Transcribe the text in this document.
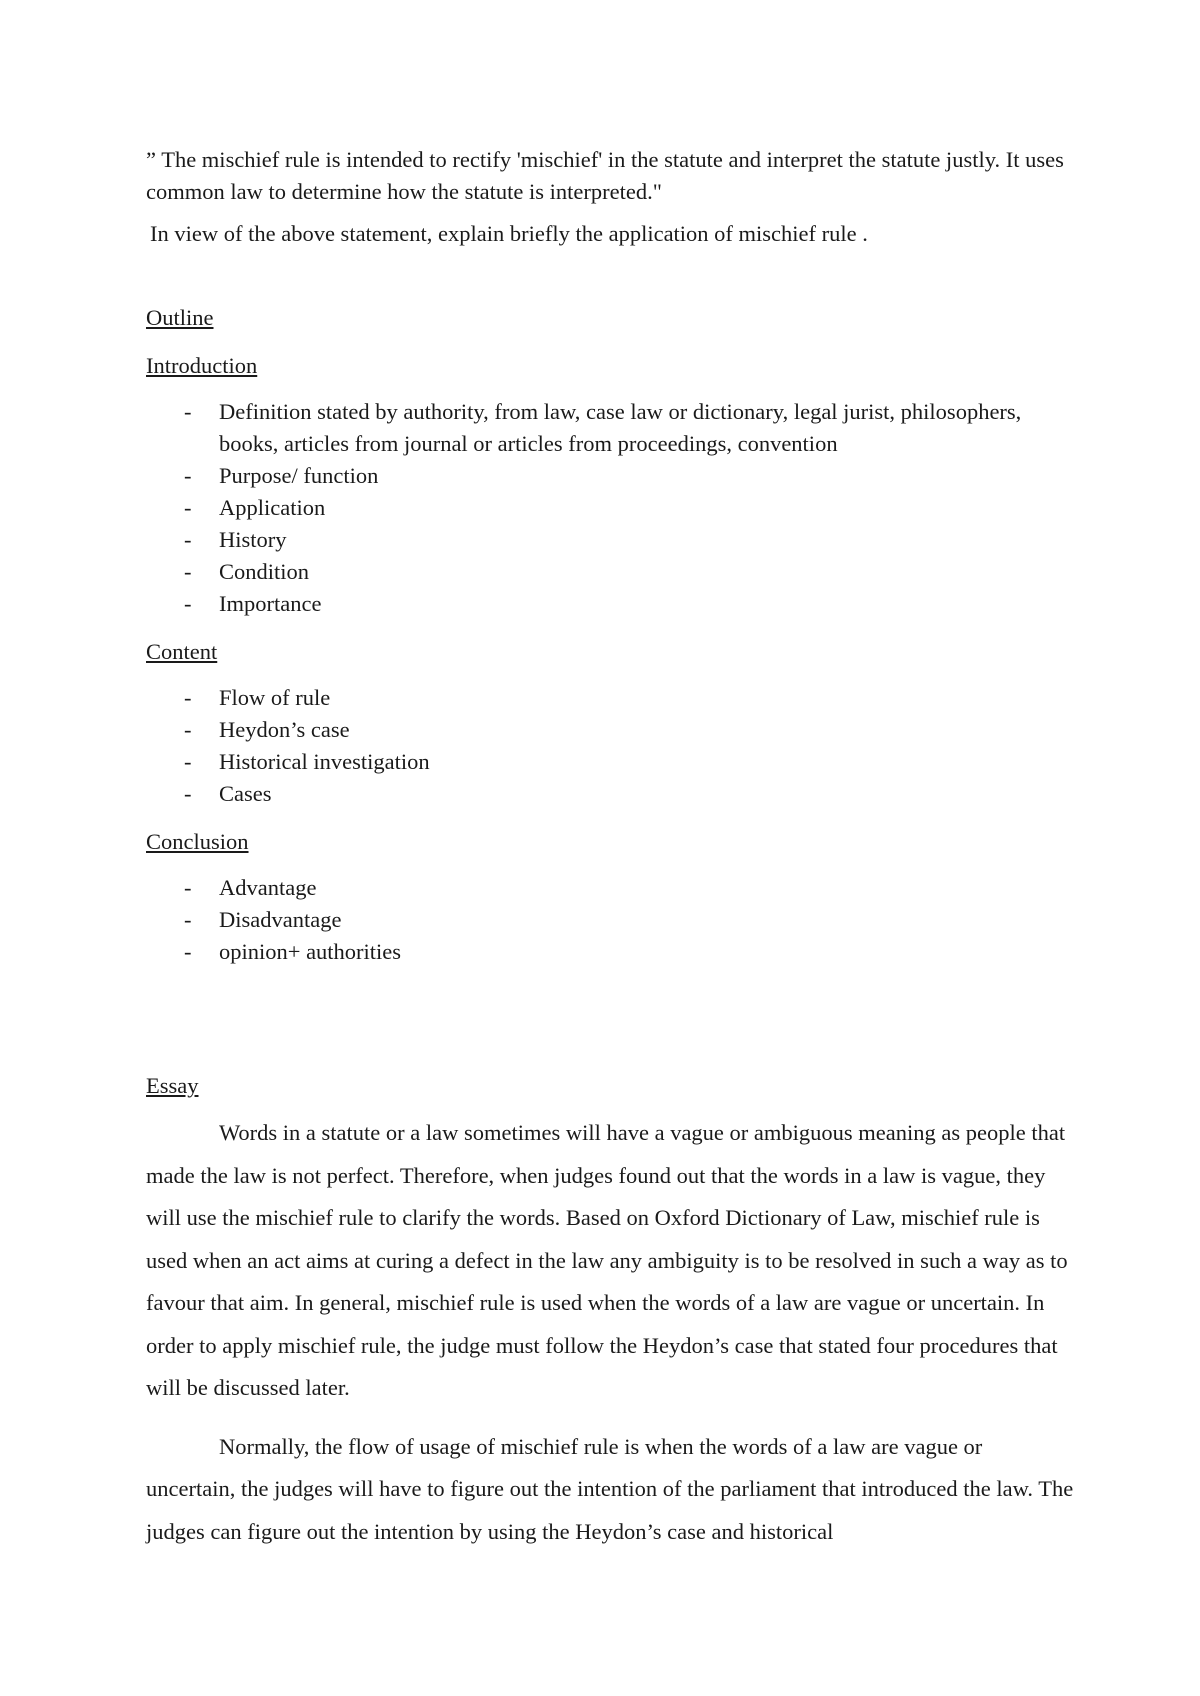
” The mischief rule is intended to rectify 'mischief' in the statute and interpret the statute justly. It uses common law to determine how the statute is interpreted."

In view of the above statement, explain briefly the application of mischief rule .

Outline
Introduction
- Definition stated by authority, from law, case law or dictionary, legal jurist, philosophers, books, articles from journal or articles from proceedings, convention
- Purpose/ function
- Application
- History
- Condition
- Importance
Content
- Flow of rule
- Heydon’s case
- Historical investigation
- Cases
Conclusion
- Advantage
- Disadvantage
- opinion+ authorities
Essay

Words in a statute or a law sometimes will have a vague or ambiguous meaning as people that made the law is not perfect. Therefore, when judges found out that the words in a law is vague, they will use the mischief rule to clarify the words. Based on Oxford Dictionary of Law, mischief rule is used when an act aims at curing a defect in the law any ambiguity is to be resolved in such a way as to favour that aim. In general, mischief rule is used when the words of a law are vague or uncertain. In order to apply mischief rule, the judge must follow the Heydon’s case that stated four procedures that will be discussed later.

Normally, the flow of usage of mischief rule is when the words of a law are vague or uncertain, the judges will have to figure out the intention of the parliament that introduced the law. The judges can figure out the intention by using the Heydon’s case and historical
